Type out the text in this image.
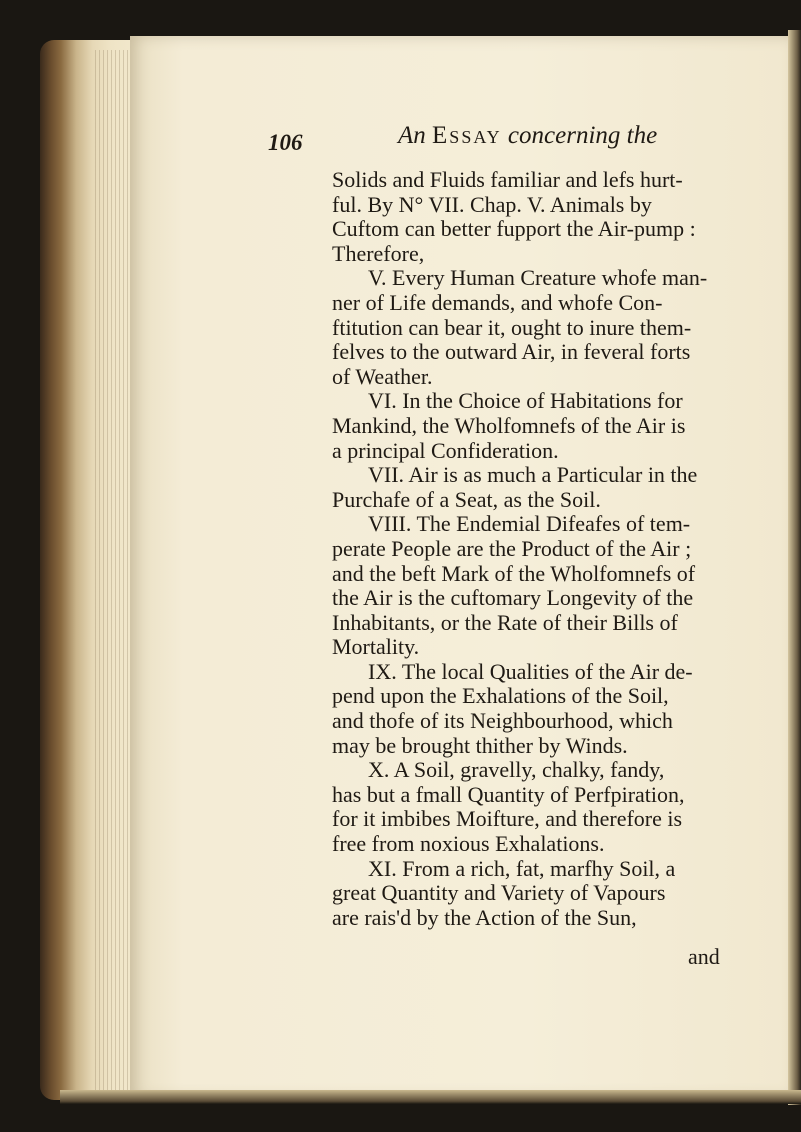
106	An Essay concerning the
Solids and Fluids familiar and lefs hurt-
ful. By N° VII. Chap. V. Animals by
Cuftom can better fupport the Air-pump :
Therefore,
V. Every Human Creature whofe man-
ner of Life demands, and whofe Con-
ftitution can bear it, ought to inure them-
felves to the outward Air, in feveral forts
of Weather.
VI. In the Choice of Habitations for
Mankind, the Wholfomnefs of the Air is
a principal Confideration.
VII. Air is as much a Particular in the
Purchafe of a Seat, as the Soil.
VIII. The Endemial Difeafes of tem-
perate People are the Product of the Air ;
and the beft Mark of the Wholfomnefs of
the Air is the cuftomary Longevity of the
Inhabitants, or the Rate of their Bills of
Mortality.
IX. The local Qualities of the Air de-
pend upon the Exhalations of the Soil,
and thofe of its Neighbourhood, which
may be brought thither by Winds.
X. A Soil, gravelly, chalky, fandy,
has but a fmall Quantity of Perfpiration,
for it imbibes Moifture, and therefore is
free from noxious Exhalations.
XI. From a rich, fat, marfhy Soil, a
great Quantity and Variety of Vapours
are rais'd by the Action of the Sun,
and
